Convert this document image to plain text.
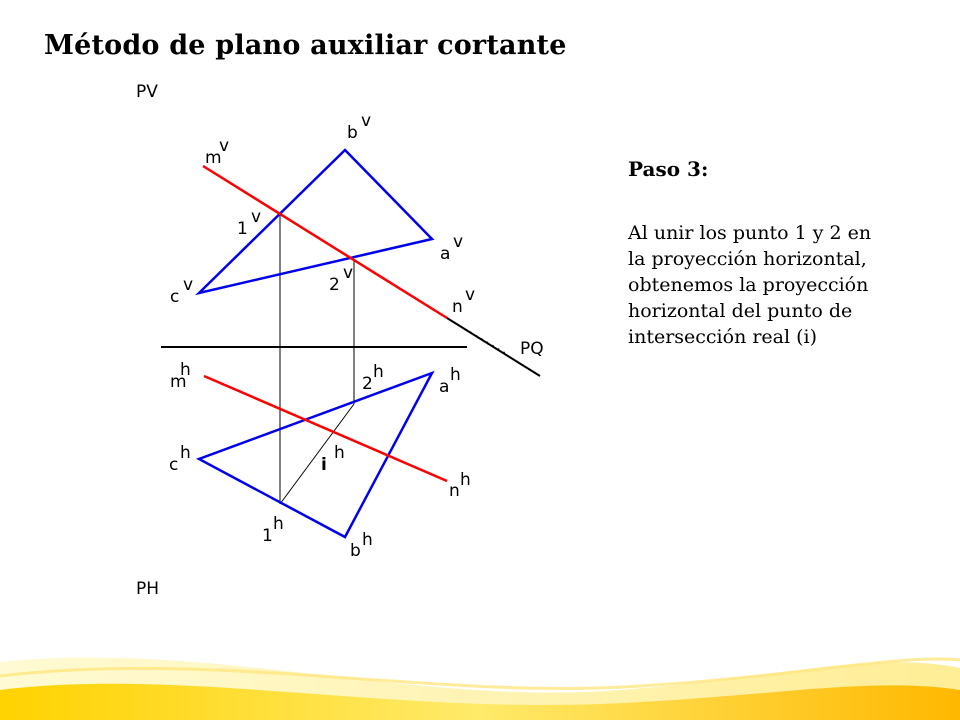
Método de plano auxiliar cortante
Paso 3:
Al unir los punto 1 y 2 en
la proyección horizontal,
obtenemos la proyección
horizontal del punto de
intersección real (i)
PV
PQ
PH
bv
mv
1v
av
2v
cv
nv
mh
2h
ah
ch
ih
nh
1h
bh
